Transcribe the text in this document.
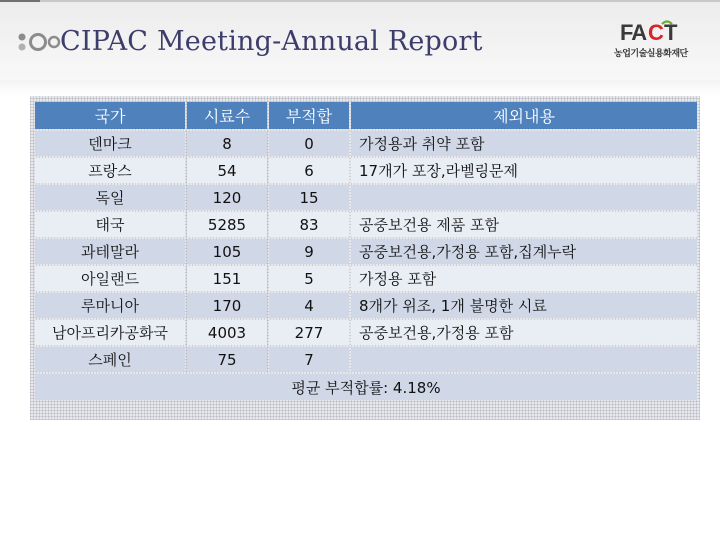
CIPAC Meeting-Annual Report	FA C T
농업기술실용화재단
국가	시료수	부적합	제외내용
덴마크	8	0	가정용과 취약 포함
프랑스	54	6	17개가 포장,라벨링문제
독일	120	15	
태국	5285	83	공중보건용 제품 포함
과테말라	105	9	공중보건용,가정용 포함,집계누락
아일랜드	151	5	가정용 포함
루마니아	170	4	8개가 위조, 1개 불명한 시료
남아프리카공화국	4003	277	공중보건용,가정용 포함
스페인	75	7	
평균 부적합률: 4.18%			
